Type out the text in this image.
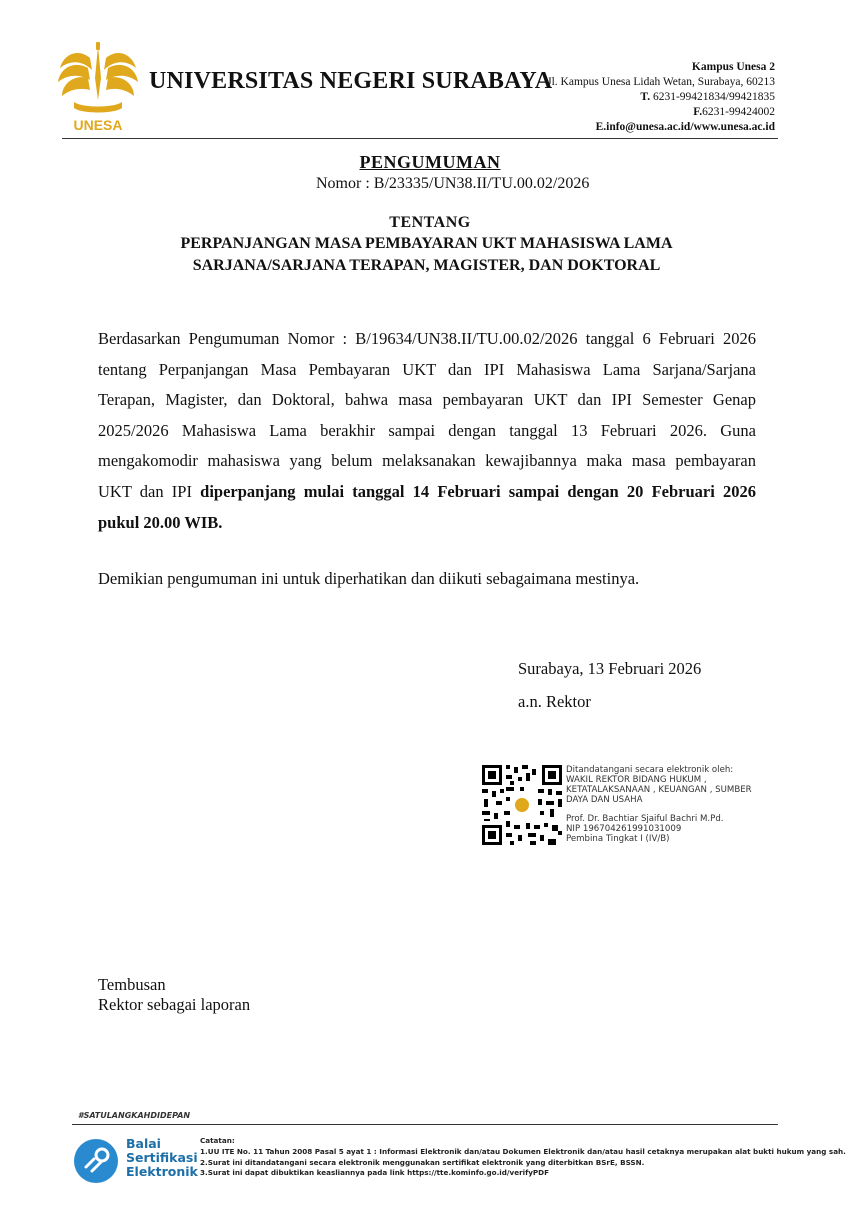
UNESA
UNIVERSITAS NEGERI SURABAYA
Kampus Unesa 2
Jl. Kampus Unesa Lidah Wetan, Surabaya, 60213
T. 6231-99421834/99421835
F.6231-99424002
E.info@unesa.ac.id/www.unesa.ac.id
PENGUMUMAN
Nomor : B/23335/UN38.II/TU.00.02/2026
TENTANG
PERPANJANGAN MASA PEMBAYARAN UKT MAHASISWA LAMA
SARJANA/SARJANA TERAPAN, MAGISTER, DAN DOKTORAL
Berdasarkan Pengumuman Nomor : B/19634/UN38.II/TU.00.02/2026 tanggal 6 Februari 2026
tentang Perpanjangan Masa Pembayaran UKT dan IPI Mahasiswa Lama Sarjana/Sarjana
Terapan, Magister, dan Doktoral, bahwa masa pembayaran UKT dan IPI Semester Genap
2025/2026 Mahasiswa Lama berakhir sampai dengan tanggal 13 Februari 2026. Guna
mengakomodir mahasiswa yang belum melaksanakan kewajibannya maka masa pembayaran
UKT dan IPI diperpanjang mulai tanggal 14 Februari sampai dengan 20 Februari 2026
pukul 20.00 WIB.
Demikian pengumuman ini untuk diperhatikan dan diikuti sebagaimana mestinya.
Surabaya, 13 Februari 2026
a.n. Rektor
Ditandatangani secara elektronik oleh:
WAKIL REKTOR BIDANG HUKUM ,
KETATALAKSANAAN , KEUANGAN , SUMBER
DAYA DAN USAHA
Prof. Dr. Bachtiar Sjaiful Bachri M.Pd.
NIP 196704261991031009
Pembina Tingkat I (IV/B)
Tembusan
Rektor sebagai laporan
#SATULANGKAHDIDEPAN
Balai
Sertifikasi
Elektronik
Catatan:
1.UU ITE No. 11 Tahun 2008 Pasal 5 ayat 1 : Informasi Elektronik dan/atau Dokumen Elektronik dan/atau hasil cetaknya merupakan alat bukti hukum yang sah.
2.Surat ini ditandatangani secara elektronik menggunakan sertifikat elektronik yang diterbitkan BSrE, BSSN.
3.Surat ini dapat dibuktikan keasliannya pada link https://tte.kominfo.go.id/verifyPDF
